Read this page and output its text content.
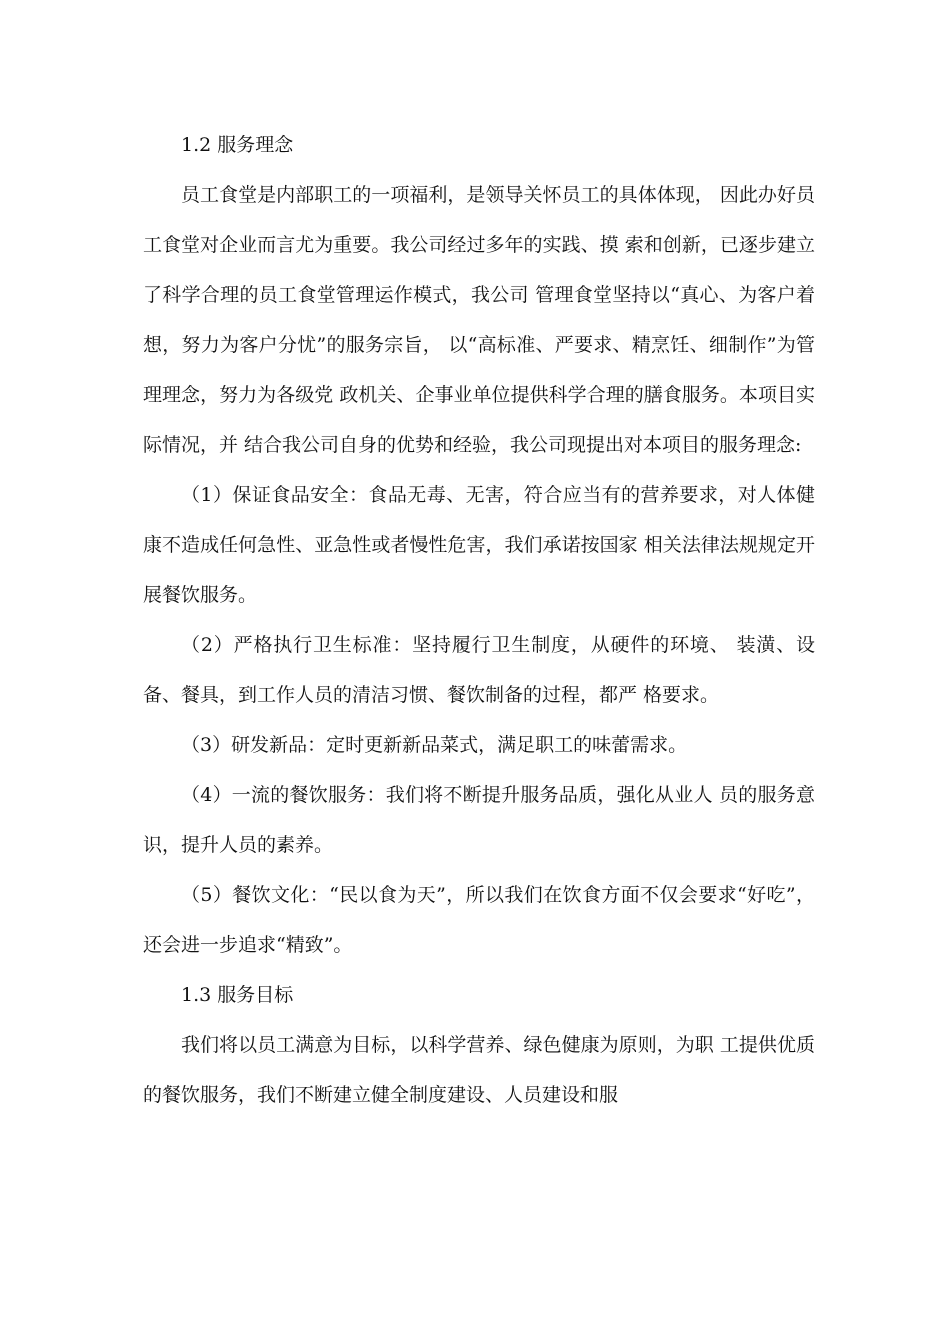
1.2 服务理念

员工食堂是内部职工的一项福利，是领导关怀员工的具体体现， 因此办好员工食堂对企业而言尤为重要。我公司经过多年的实践、摸 索和创新，已逐步建立了科学合理的员工食堂管理运作模式，我公司 管理食堂坚持以“真心、为客户着想，努力为客户分忧”的服务宗旨， 以“高标准、严要求、精烹饪、细制作”为管理理念，努力为各级党 政机关、企事业单位提供科学合理的膳食服务。本项目实际情况，并 结合我公司自身的优势和经验，我公司现提出对本项目的服务理念:

（1）保证食品安全：食品无毒、无害，符合应当有的营养要求，对人体健康不造成任何急性、亚急性或者慢性危害，我们承诺按国家 相关法律法规规定开展餐饮服务。

（2）严格执行卫生标准：坚持履行卫生制度，从硬件的环境、 装潢、设备、餐具，到工作人员的清洁习惯、餐饮制备的过程，都严 格要求。

（3）研发新品：定时更新新品菜式，满足职工的味蕾需求。

（4）一流的餐饮服务：我们将不断提升服务品质，强化从业人 员的服务意识，提升人员的素养。

（5）餐饮文化：“民以食为天”，所以我们在饮食方面不仅会要求“好吃”，还会进一步追求“精致”。

1.3 服务目标

我们将以员工满意为目标，以科学营养、绿色健康为原则，为职 工提供优质的餐饮服务，我们不断建立健全制度建设、人员建设和服
